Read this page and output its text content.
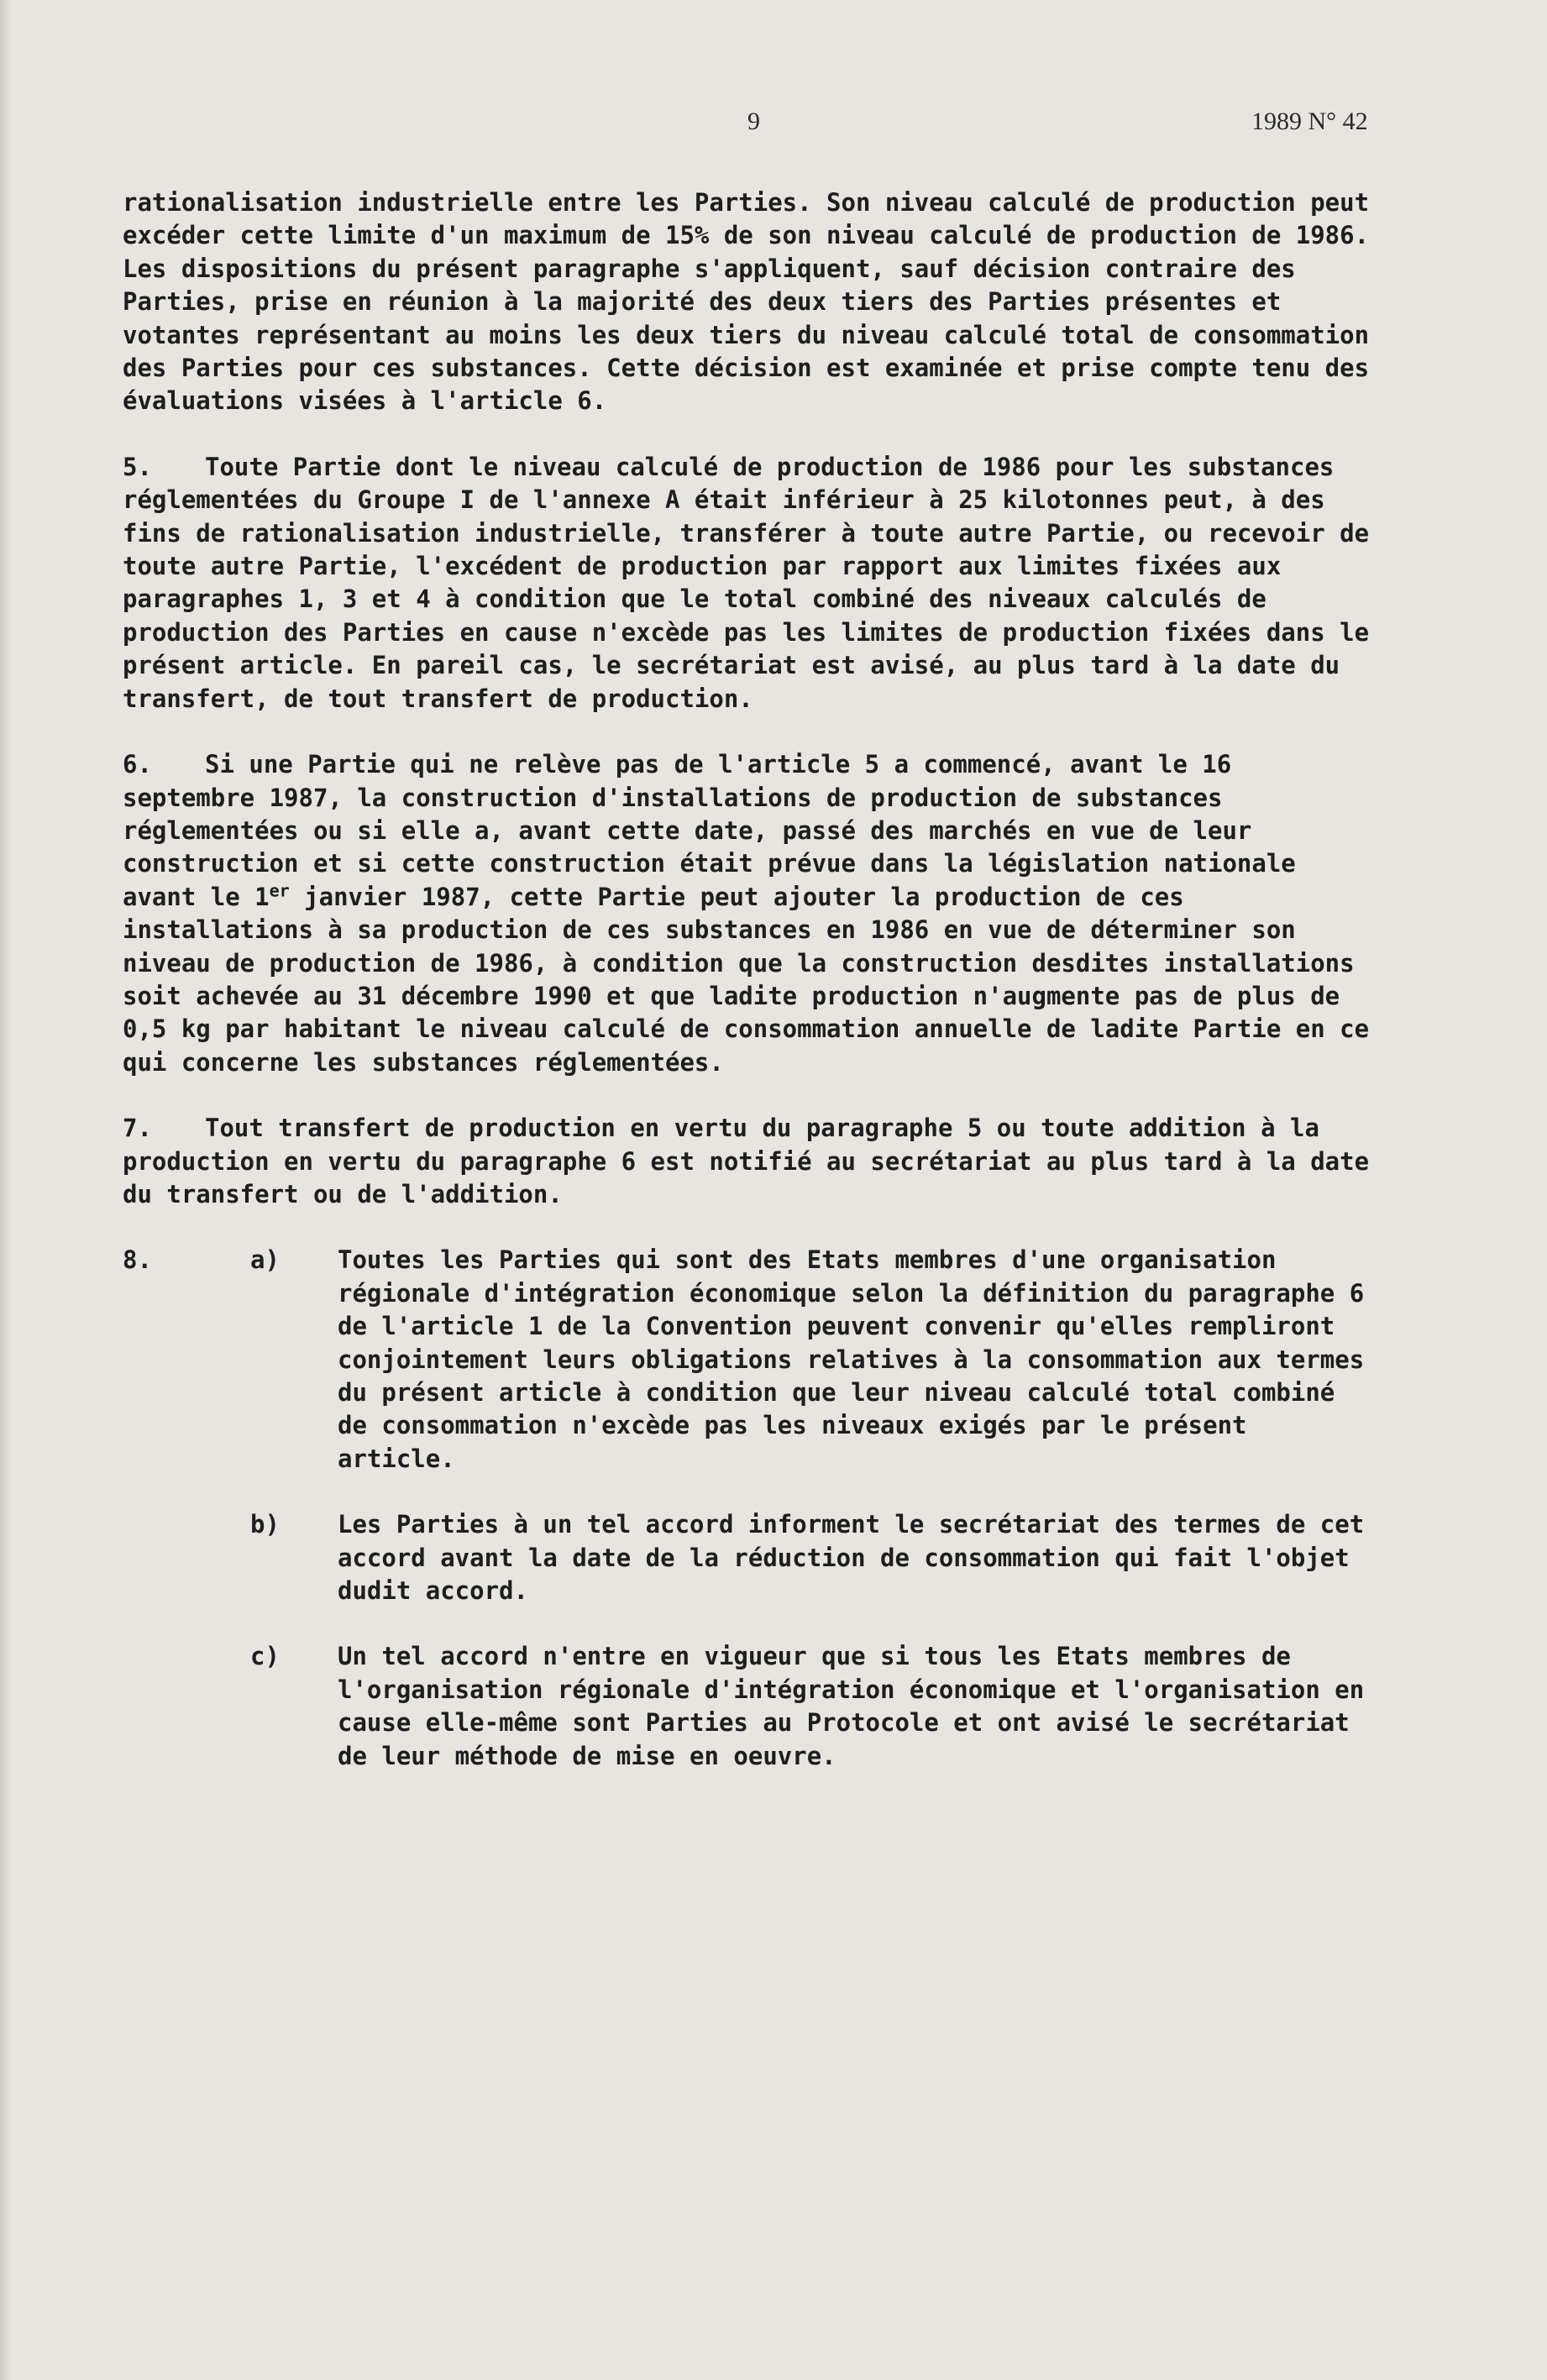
9	1989 N° 42

rationalisation industrielle entre les Parties. Son niveau calculé de production peut excéder cette limite d'un maximum de 15% de son niveau calculé de production de 1986. Les dispositions du présent paragraphe s'appliquent, sauf décision contraire des Parties, prise en réunion à la majorité des deux tiers des Parties présentes et votantes représentant au moins les deux tiers du niveau calculé total de consommation des Parties pour ces substances. Cette décision est examinée et prise compte tenu des évaluations visées à l'article 6.

5. Toute Partie dont le niveau calculé de production de 1986 pour les substances réglementées du Groupe I de l'annexe A était inférieur à 25 kilotonnes peut, à des fins de rationalisation industrielle, transférer à toute autre Partie, ou recevoir de toute autre Partie, l'excédent de production par rapport aux limites fixées aux paragraphes 1, 3 et 4 à condition que le total combiné des niveaux calculés de production des Parties en cause n'excède pas les limites de production fixées dans le présent article. En pareil cas, le secrétariat est avisé, au plus tard à la date du transfert, de tout transfert de production.

6. Si une Partie qui ne relève pas de l'article 5 a commencé, avant le 16 septembre 1987, la construction d'installations de production de substances réglementées ou si elle a, avant cette date, passé des marchés en vue de leur construction et si cette construction était prévue dans la législation nationale avant le 1er janvier 1987, cette Partie peut ajouter la production de ces installations à sa production de ces substances en 1986 en vue de déterminer son niveau de production de 1986, à condition que la construction desdites installations soit achevée au 31 décembre 1990 et que ladite production n'augmente pas de plus de 0,5 kg par habitant le niveau calculé de consommation annuelle de ladite Partie en ce qui concerne les substances réglementées.

7. Tout transfert de production en vertu du paragraphe 5 ou toute addition à la production en vertu du paragraphe 6 est notifié au secrétariat au plus tard à la date du transfert ou de l'addition.

8.	a)	Toutes les Parties qui sont des Etats membres d'une organisation régionale d'intégration économique selon la définition du paragraphe 6 de l'article 1 de la Convention peuvent convenir qu'elles rempliront conjointement leurs obligations relatives à la consommation aux termes du présent article à condition que leur niveau calculé total combiné de consommation n'excède pas les niveaux exigés par le présent article.
b)	Les Parties à un tel accord informent le secrétariat des termes de cet accord avant la date de la réduction de consommation qui fait l'objet dudit accord.
c)	Un tel accord n'entre en vigueur que si tous les Etats membres de l'organisation régionale d'intégration économique et l'organisation en cause elle-même sont Parties au Protocole et ont avisé le secrétariat de leur méthode de mise en oeuvre.
